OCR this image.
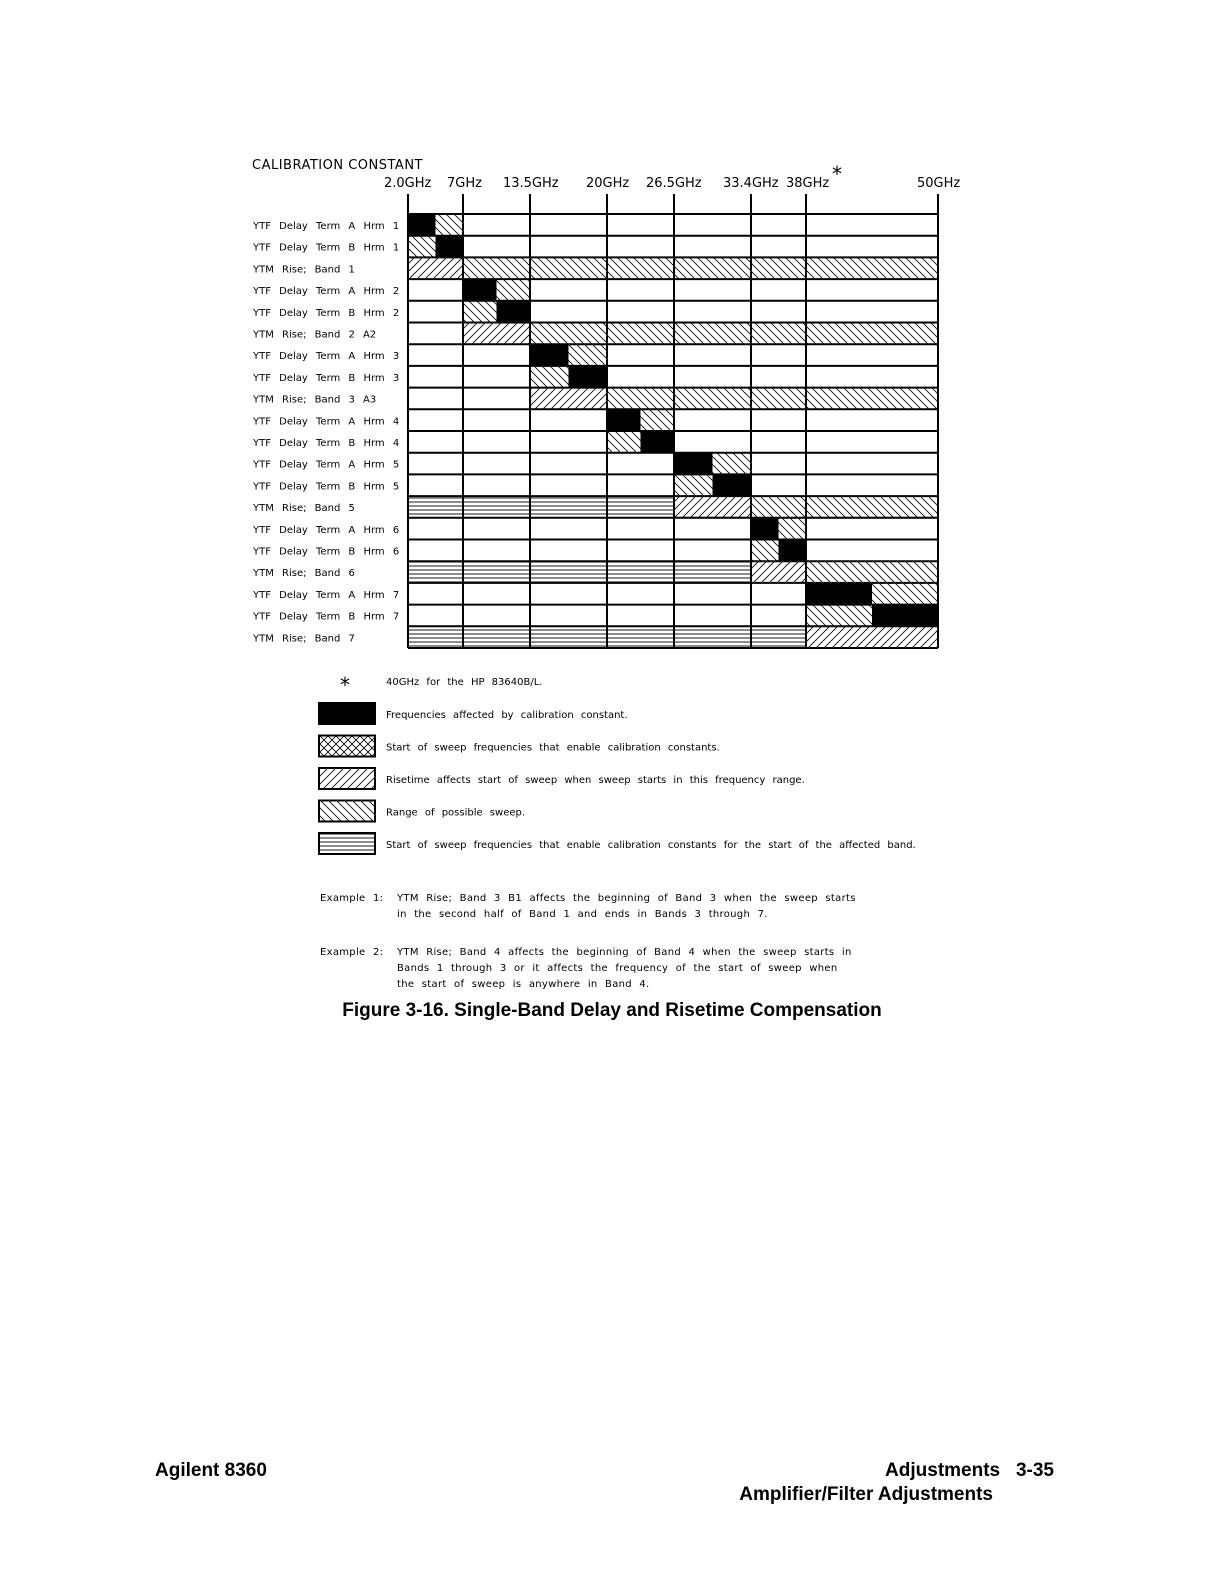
CALIBRATION CONSTANT
2.0GHz 7GHz 13.5GHz 20GHz 26.5GHz 33.4GHz 38GHz	50GHz
*
YTF Delay Term A Hrm 1
YTF Delay Term B Hrm 1
YTM Rise; Band 1
YTF Delay Term A Hrm 2
YTF Delay Term B Hrm 2
YTM Rise; Band 2 A2
YTF Delay Term A Hrm 3
YTF Delay Term B Hrm 3
YTM Rise; Band 3 A3
YTF Delay Term A Hrm 4
YTF Delay Term B Hrm 4
YTF Delay Term A Hrm 5
YTF Delay Term B Hrm 5
YTM Rise; Band 5
YTF Delay Term A Hrm 6
YTF Delay Term B Hrm 6
YTM Rise; Band 6
YTF Delay Term A Hrm 7
YTF Delay Term B Hrm 7
YTM Rise; Band 7
*	40GHz for the HP 83640B/L.
Frequencies affected by calibration constant.
Start of sweep frequencies that enable calibration constants.
Risetime affects start of sweep when sweep starts in this frequency range.
Range of possible sweep.
Start of sweep frequencies that enable calibration constants for the start of the affected band.
Example 1: YTM Rise; Band 3 B1 affects the beginning of Band 3 when the sweep starts
in the second half of Band 1 and ends in Bands 3 through 7.
Example 2: YTM Rise; Band 4 affects the beginning of Band 4 when the sweep starts in
Bands 1 through 3 or it affects the frequency of the start of sweep when
the start of sweep is anywhere in Band 4.
Figure 3-16. Single-Band Delay and Risetime Compensation
Agilent 8360	Adjustments 3-35
Amplifier/Filter Adjustments
